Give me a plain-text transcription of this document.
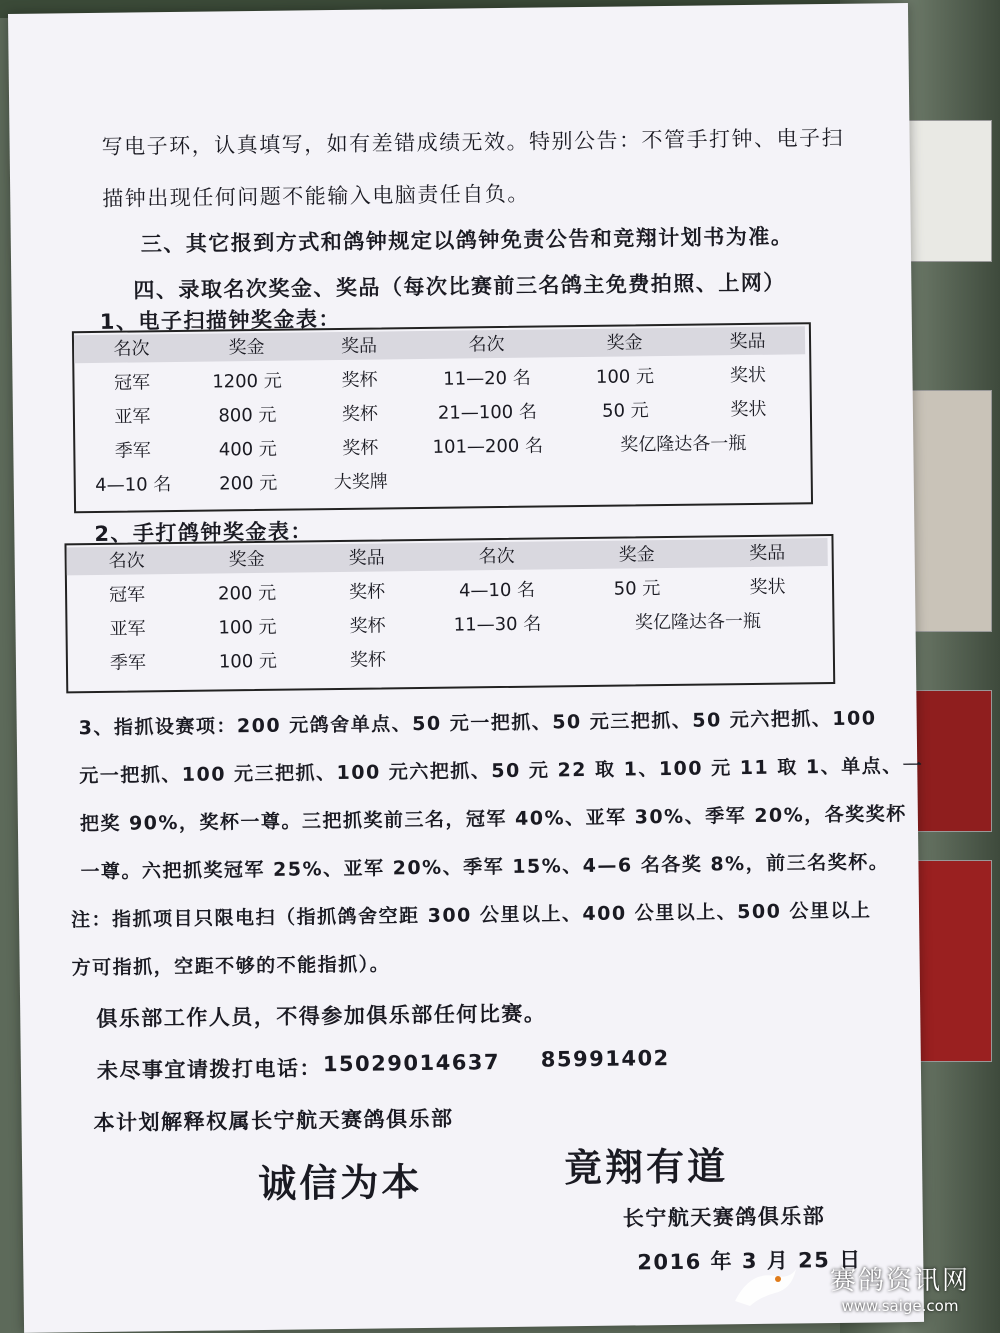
写电子环，认真填写，如有差错成绩无效。特别公告：不管手打钟、电子扫
描钟出现任何问题不能输入电脑责任自负。
三、其它报到方式和鸽钟规定以鸽钟免责公告和竞翔计划书为准。
四、录取名次奖金、奖品（每次比赛前三名鸽主免费拍照、上网）
1、电子扫描钟奖金表：
名次	奖金	奖品	名次	奖金	奖品
冠军	1200 元	奖杯	11—20 名	100 元	奖状
亚军	800 元	奖杯	21—100 名	50 元	奖状
季军	400 元	奖杯	101—200 名	奖亿隆达各一瓶	
4—10 名	200 元	大奖牌			
2、手打鸽钟奖金表：
名次	奖金	奖品	名次	奖金	奖品
冠军	200 元	奖杯	4—10 名	50 元	奖状
亚军	100 元	奖杯	11—30 名	奖亿隆达各一瓶	
季军	100 元	奖杯			
3、指抓设赛项：200 元鸽舍单点、50 元一把抓、50 元三把抓、50 元六把抓、100
元一把抓、100 元三把抓、100 元六把抓、50 元 22 取 1、100 元 11 取 1、单点、一
把奖 90%，奖杯一尊。三把抓奖前三名，冠军 40%、亚军 30%、季军 20%，各奖奖杯
一尊。六把抓奖冠军 25%、亚军 20%、季军 15%、4—6 名各奖 8%，前三名奖杯。
注：指抓项目只限电扫（指抓鸽舍空距 300 公里以上、400 公里以上、500 公里以上
方可指抓，空距不够的不能指抓）。
俱乐部工作人员，不得参加俱乐部任何比赛。
未尽事宜请拨打电话： 15029014637 85991402
本计划解释权属长宁航天赛鸽俱乐部
诚信为本	竟翔有道
长宁航天赛鸽俱乐部
2016 年 3 月 25 日
赛鸽资讯网
www.saige.com
